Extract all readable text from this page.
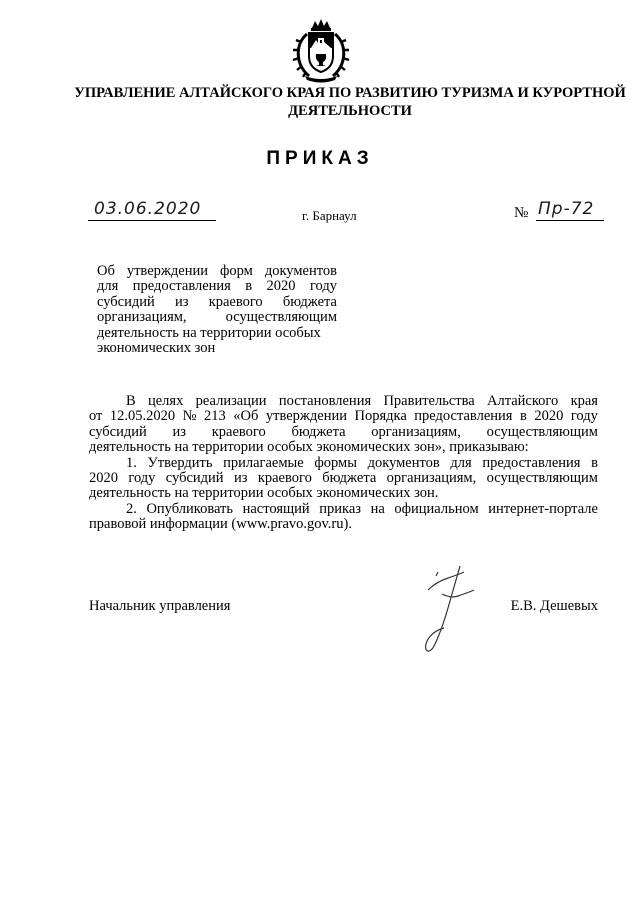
УПРАВЛЕНИЕ АЛТАЙСКОГО КРАЯ ПО РАЗВИТИЮ ТУРИЗМА И КУРОРТНОЙ
ДЕЯТЕЛЬНОСТИ
ПРИКАЗ
03.06.2020	г. Барнаул	№ Пр-72
Об утверждении форм документов
для предоставления в 2020 году
субсидий из краевого бюджета
организациям,	осуществляющим
деятельность на территории особых
экономических зон
В целях реализации постановления Правительства Алтайского края
от 12.05.2020 № 213 «Об утверждении Порядка предоставления в 2020 году
субсидий из краевого бюджета организациям, осуществляющим
деятельность на территории особых экономических зон», приказываю:
1. Утвердить прилагаемые формы документов для предоставления в
2020 году субсидий из краевого бюджета организациям, осуществляющим
деятельность на территории особых экономических зон.
2. Опубликовать настоящий приказ на официальном интернет-портале
правовой информации (www.pravo.gov.ru).
Начальник управления	Е.В. Дешевых
